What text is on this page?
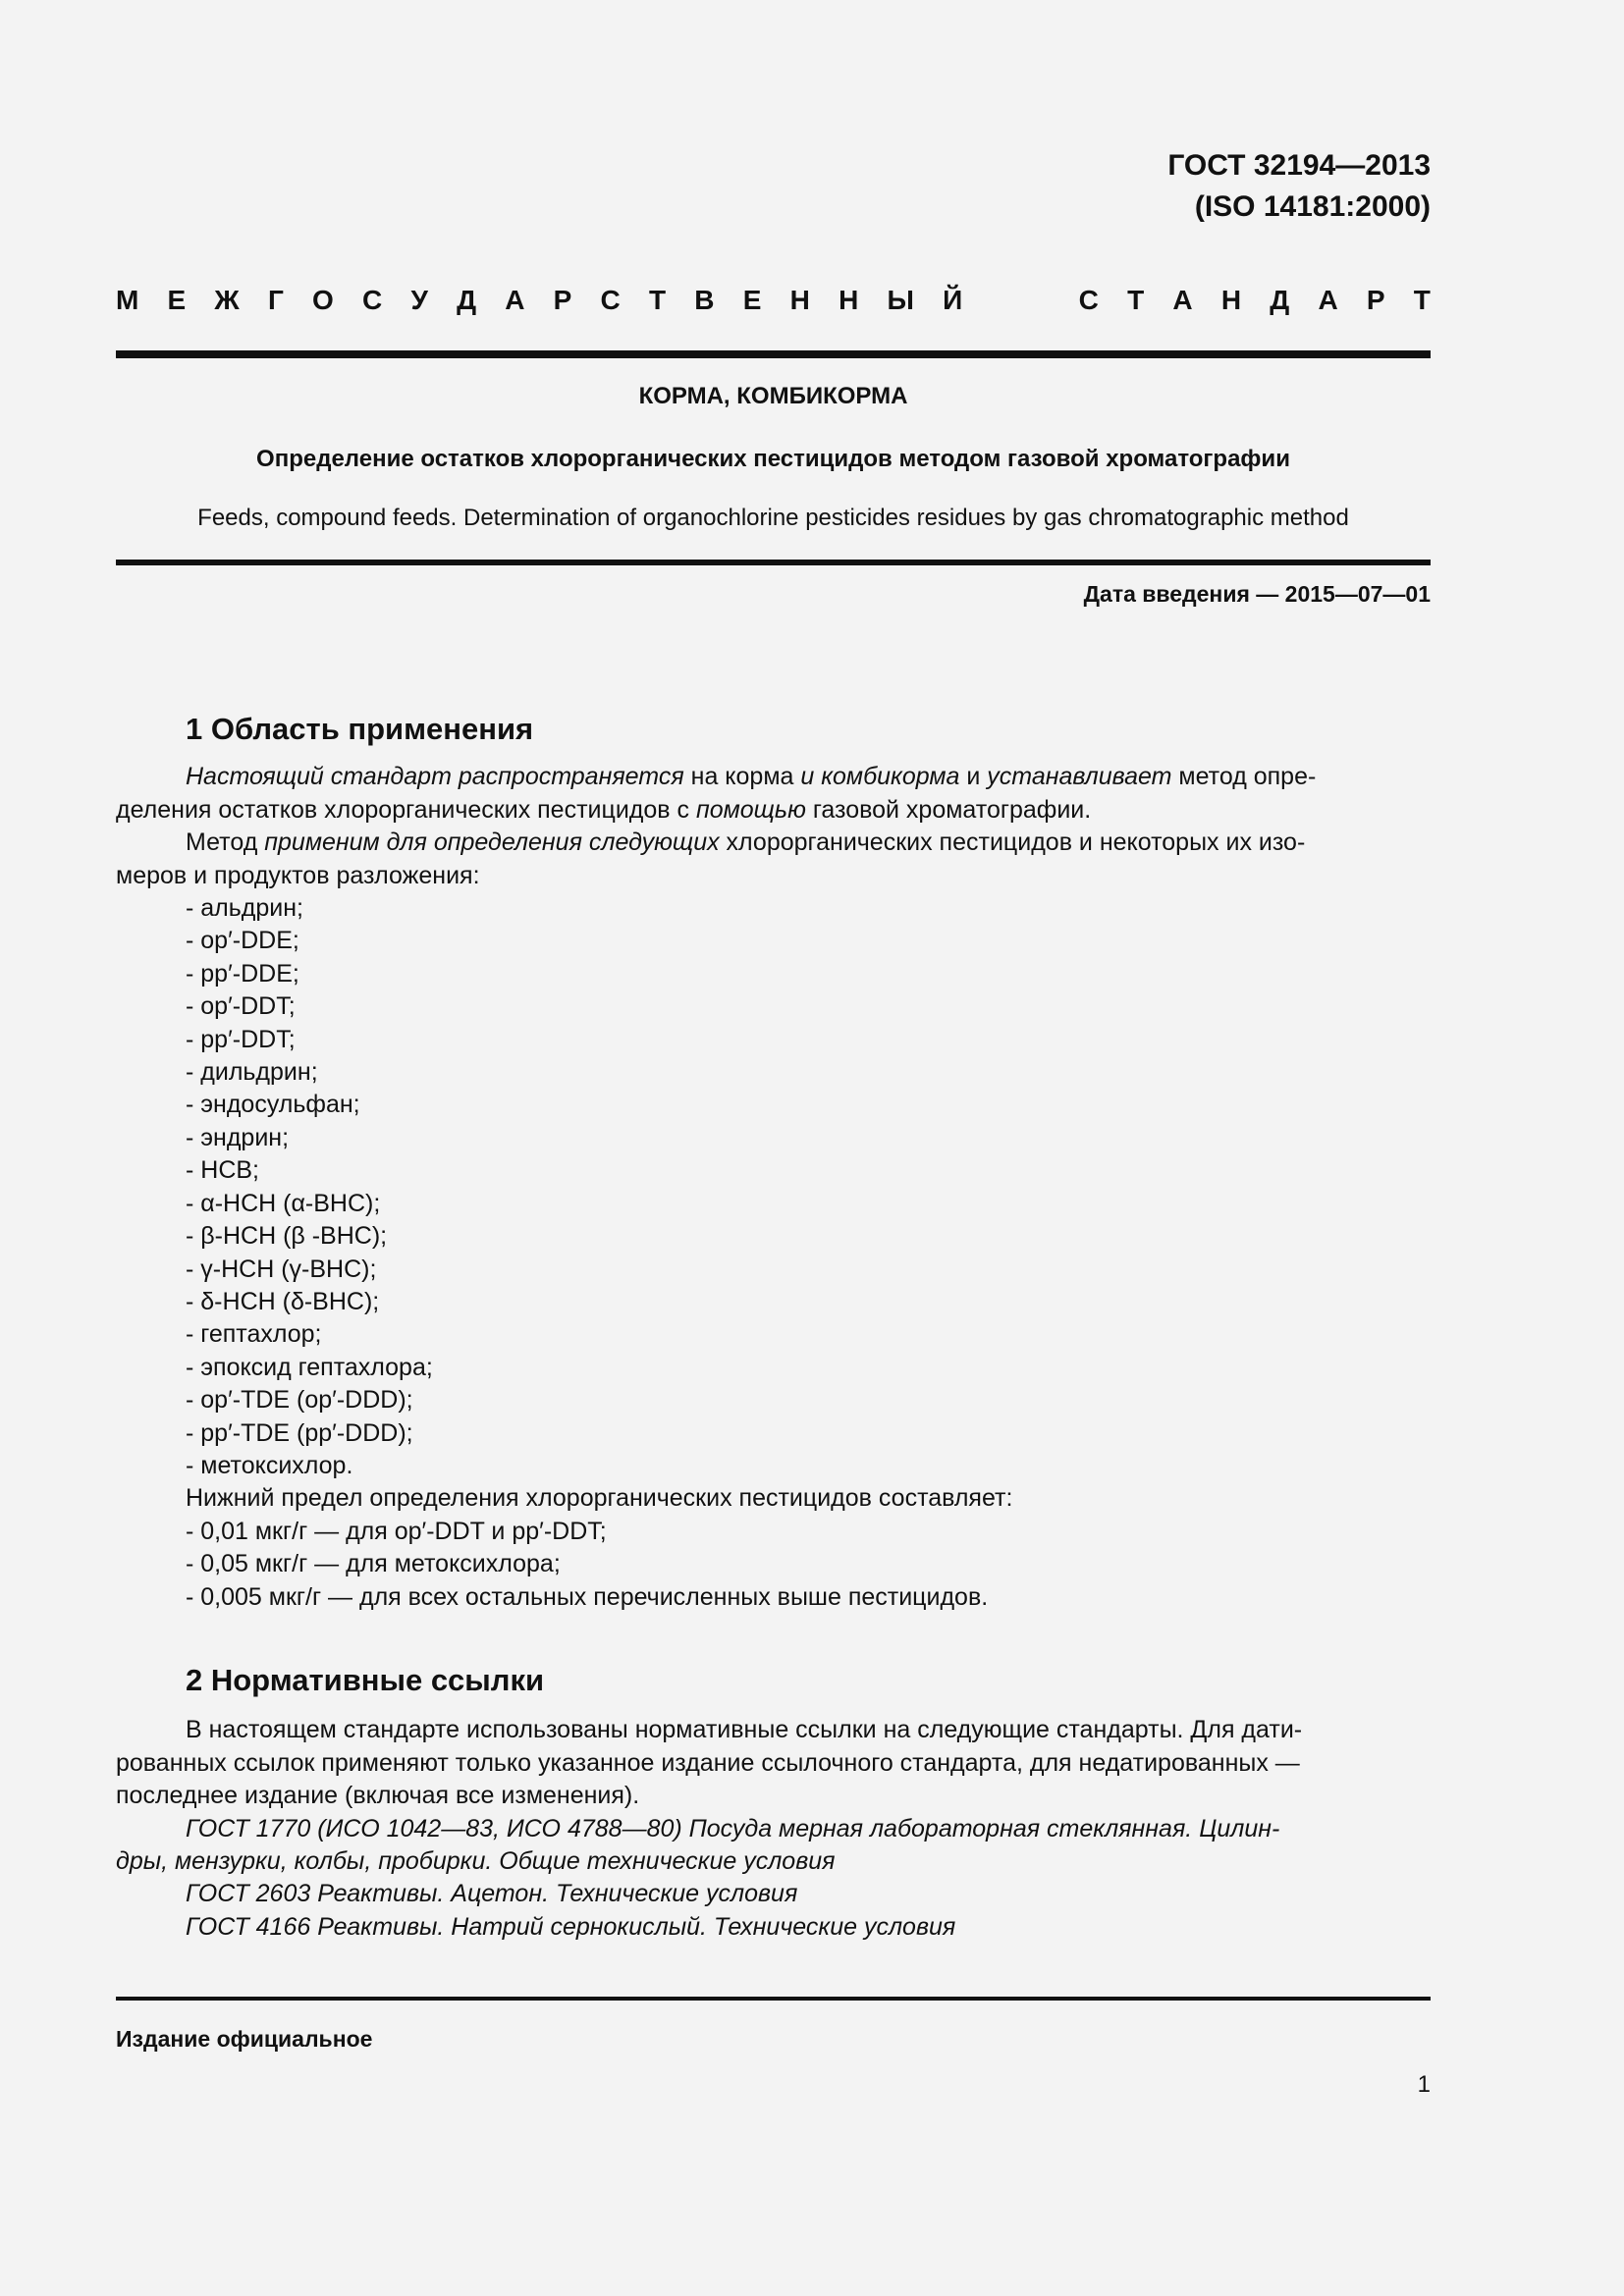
ГОСТ 32194—2013
(ISO 14181:2000)
М Е Ж Г О С У Д А Р С Т В Е Н Н Ы Й	С Т А Н Д А Р Т
КОРМА, КОМБИКОРМА
Определение остатков хлорорганических пестицидов методом газовой хроматографии
Feeds, compound feeds. Determination of organochlorine pesticides residues by gas chromatographic method
Дата введения — 2015—07—01
1 Область применения
Настоящий стандарт распространяется на корма и комбикорма и устанавливает метод опре-
деления остатков хлорорганических пестицидов с помощью газовой хроматографии.
Метод применим для определения следующих хлорорганических пестицидов и некоторых их изо-
меров и продуктов разложения:
- альдрин;
- op′-DDE;
- pp′-DDE;
- op′-DDT;
- pp′-DDT;
- дильдрин;
- эндосульфан;
- эндрин;
- HCB;
- α-HCH (α-BHC);
- β-HCH (β -BHC);
- γ-HCH (γ-BHC);
- δ-HCH (δ-BHC);
- гептахлор;
- эпоксид гептахлора;
- op′-TDE (op′-DDD);
- pp′-TDE (pp′-DDD);
- метоксихлор.
Нижний предел определения хлорорганических пестицидов составляет:
- 0,01 мкг/г — для op′-DDT и pp′-DDT;
- 0,05 мкг/г — для метоксихлора;
- 0,005 мкг/г — для всех остальных перечисленных выше пестицидов.
2 Нормативные ссылки
В настоящем стандарте использованы нормативные ссылки на следующие стандарты. Для дати-
рованных ссылок применяют только указанное издание ссылочного стандарта, для недатированных —
последнее издание (включая все изменения).
ГОСТ 1770 (ИСО 1042—83, ИСО 4788—80) Посуда мерная лабораторная стеклянная. Цилин-
дры, мензурки, колбы, пробирки. Общие технические условия
ГОСТ 2603 Реактивы. Ацетон. Технические условия
ГОСТ 4166 Реактивы. Натрий сернокислый. Технические условия
Издание официальное
1
